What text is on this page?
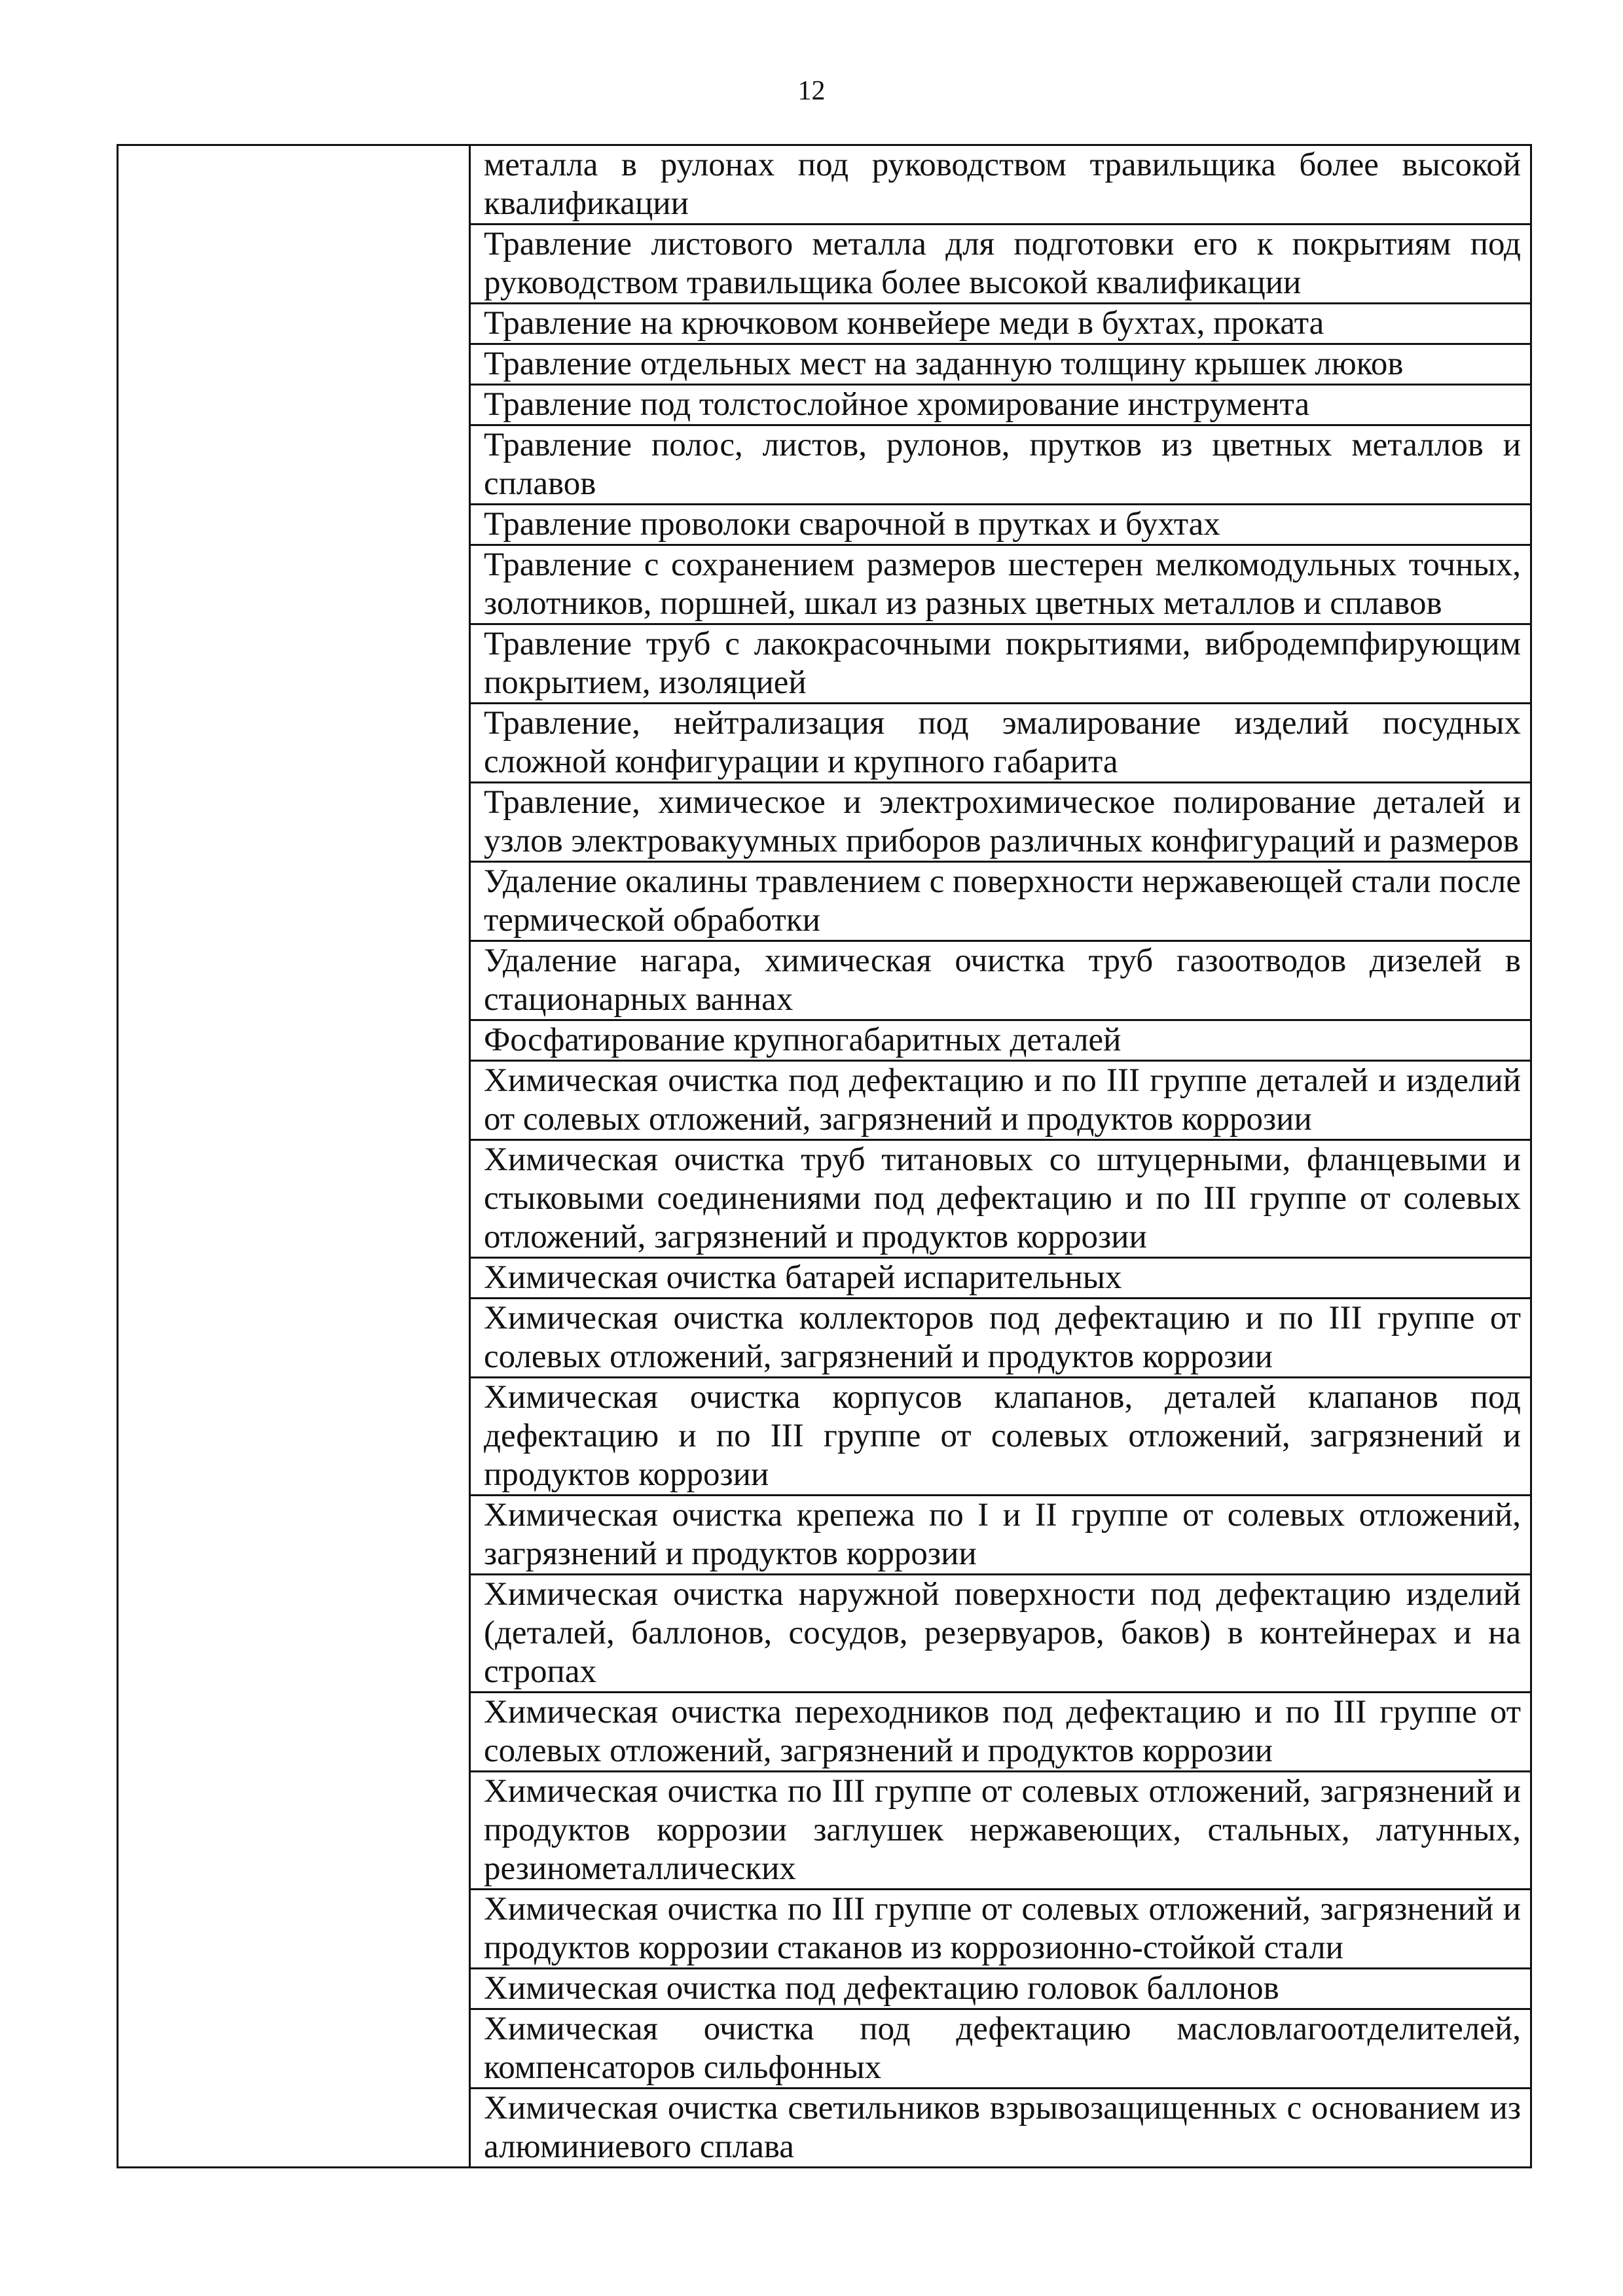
12
	металла в рулонах под руководством травильщика более высокой квалификации
Травление листового металла для подготовки его к покрытиям под руководством травильщика более высокой квалификации
Травление на крючковом конвейере меди в бухтах, проката
Травление отдельных мест на заданную толщину крышек люков
Травление под толстослойное хромирование инструмента
Травление полос, листов, рулонов, прутков из цветных металлов и сплавов
Травление проволоки сварочной в прутках и бухтах
Травление с сохранением размеров шестерен мелкомодульных точных, золотников, поршней, шкал из разных цветных металлов и сплавов
Травление труб с лакокрасочными покрытиями, вибродемпфирующим покрытием, изоляцией
Травление, нейтрализация под эмалирование изделий посудных сложной конфигурации и крупного габарита
Травление, химическое и электрохимическое полирование деталей и узлов электровакуумных приборов различных конфигураций и размеров
Удаление окалины травлением с поверхности нержавеющей стали после термической обработки
Удаление нагара, химическая очистка труб газоотводов дизелей в стационарных ваннах
Фосфатирование крупногабаритных деталей
Химическая очистка под дефектацию и по III группе деталей и изделий от солевых отложений, загрязнений и продуктов коррозии
Химическая очистка труб титановых со штуцерными, фланцевыми и стыковыми соединениями под дефектацию и по III группе от солевых отложений, загрязнений и продуктов коррозии
Химическая очистка батарей испарительных
Химическая очистка коллекторов под дефектацию и по III группе от солевых отложений, загрязнений и продуктов коррозии
Химическая очистка корпусов клапанов, деталей клапанов под дефектацию и по III группе от солевых отложений, загрязнений и продуктов коррозии
Химическая очистка крепежа по I и II группе от солевых отложений, загрязнений и продуктов коррозии
Химическая очистка наружной поверхности под дефектацию изделий (деталей, баллонов, сосудов, резервуаров, баков) в контейнерах и на стропах
Химическая очистка переходников под дефектацию и по III группе от солевых отложений, загрязнений и продуктов коррозии
Химическая очистка по III группе от солевых отложений, загрязнений и продуктов коррозии заглушек нержавеющих, стальных, латунных, резинометаллических
Химическая очистка по III группе от солевых отложений, загрязнений и продуктов коррозии стаканов из коррозионно-стойкой стали
Химическая очистка под дефектацию головок баллонов
Химическая очистка под дефектацию масловлагоотделителей, компенсаторов сильфонных
Химическая очистка светильников взрывозащищенных с основанием из алюминиевого сплава
